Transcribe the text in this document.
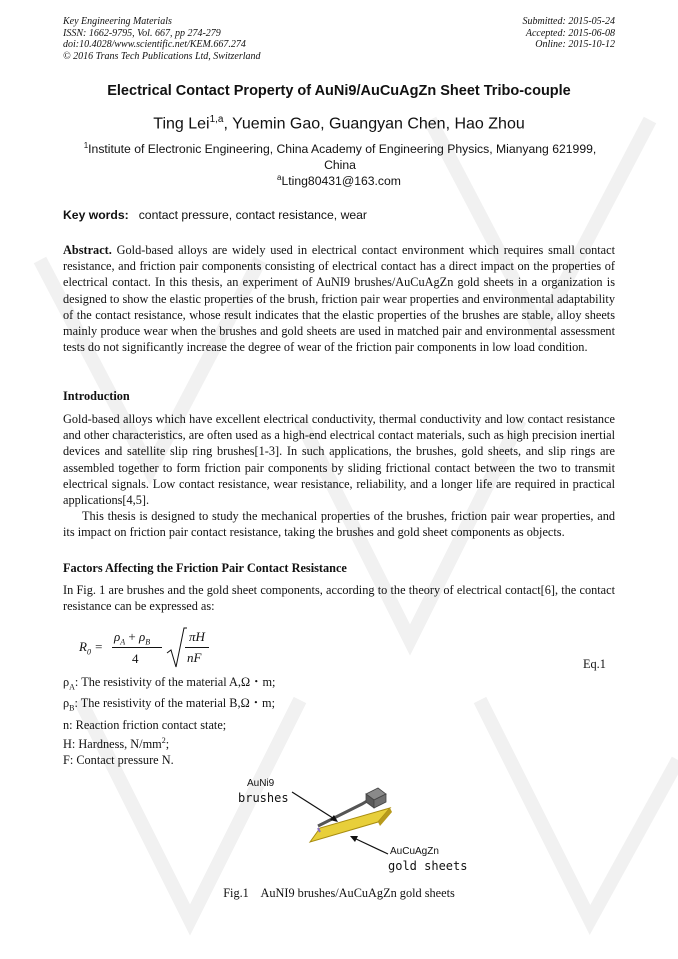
Key Engineering Materials
ISSN: 1662-9795, Vol. 667, pp 274-279
doi:10.4028/www.scientific.net/KEM.667.274
© 2016 Trans Tech Publications Ltd, Switzerland
Submitted: 2015-05-24
Accepted: 2015-06-08
Online: 2015-10-12
Electrical Contact Property of AuNi9/AuCuAgZn Sheet Tribo-couple
Ting Lei$^{1,a}$, Yuemin Gao, Guangyan Chen, Hao Zhou
$^1$Institute of Electronic Engineering, China Academy of Engineering Physics, Mianyang 621999, China
$^a$Lting80431@163.com
Key words: contact pressure, contact resistance, wear
Abstract. Gold-based alloys are widely used in electrical contact environment which requires small contact resistance, and friction pair components consisting of electrical contact has a direct impact on the properties of electrical contact. In this thesis, an experiment of AuNI9 brushes/AuCuAgZn gold sheets in a organization is designed to show the elastic properties of the brush, friction pair wear properties and environmental adaptability of the contact resistance, whose result indicates that the elastic properties of the brushes are stable, alloy sheets mainly produce wear when the brushes and gold sheets are used in matched pair and environmental assessment tests do not significantly increase the degree of wear of the friction pair components in low load condition.
Introduction
Gold-based alloys which have excellent electrical conductivity, thermal conductivity and low contact resistance and other characteristics, are often used as a high-end electrical contact materials, such as high precision inertial devices and satellite slip ring brushes[1-3]. In such applications, the brushes, gold sheets, and slip rings are assembled together to form friction pair components by sliding frictional contact between the two to transmit electrical signals. Low contact resistance, wear resistance, reliability, and a longer life are required in practical applications[4,5].
This thesis is designed to study the mechanical properties of the brushes, friction pair wear properties, and its impact on friction pair contact resistance, taking the brushes and gold sheet components as objects.
Factors Affecting the Friction Pair Contact Resistance
In Fig. 1 are brushes and the gold sheet components, according to the theory of electrical contact[6], the contact resistance can be expressed as:
$R_0$ =
$\rho_A + \rho_B$
4
πH
nF	Eq.1
$\rho_A$: The resistivity of the material A,Ω・m;
$\rho_B$: The resistivity of the material B,Ω・m;
n: Reaction friction contact state;
H: Hardness, $N/mm^2$;
F: Contact pressure N.
AuNi9
brushes
AuCuAgZn
gold sheets
Fig.1    AuNI9 brushes/AuCuAgZn gold sheets
